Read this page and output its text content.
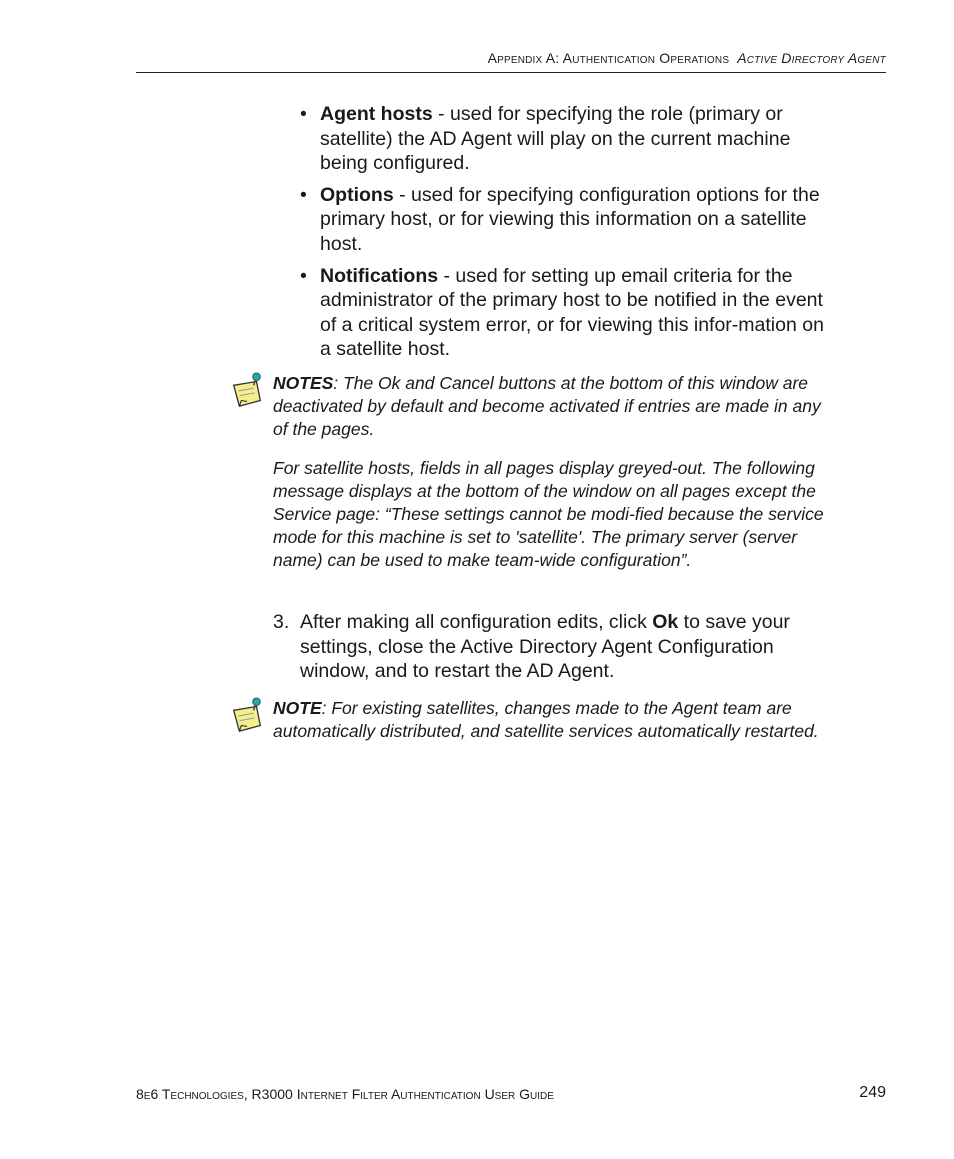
Appendix A: Authentication Operations Active Directory Agent
• Agent hosts - used for specifying the role (primary or satellite) the AD Agent will play on the current machine being configured.
• Options - used for specifying configuration options for the primary host, or for viewing this information on a satellite host.
• Notifications - used for setting up email criteria for the administrator of the primary host to be notified in the event of a critical system error, or for viewing this infor-mation on a satellite host.
NOTES: The Ok and Cancel buttons at the bottom of this window are deactivated by default and become activated if entries are made in any of the pages.
For satellite hosts, fields in all pages display greyed-out. The following message displays at the bottom of the window on all pages except the Service page: “These settings cannot be modi-fied because the service mode for this machine is set to 'satellite'. The primary server (server name) can be used to make team-wide configuration”.
3. After making all configuration edits, click Ok to save your settings, close the Active Directory Agent Configuration window, and to restart the AD Agent.
NOTE: For existing satellites, changes made to the Agent team are automatically distributed, and satellite services automatically restarted.
8e6 Technologies, R3000 Internet Filter Authentication User Guide	249
